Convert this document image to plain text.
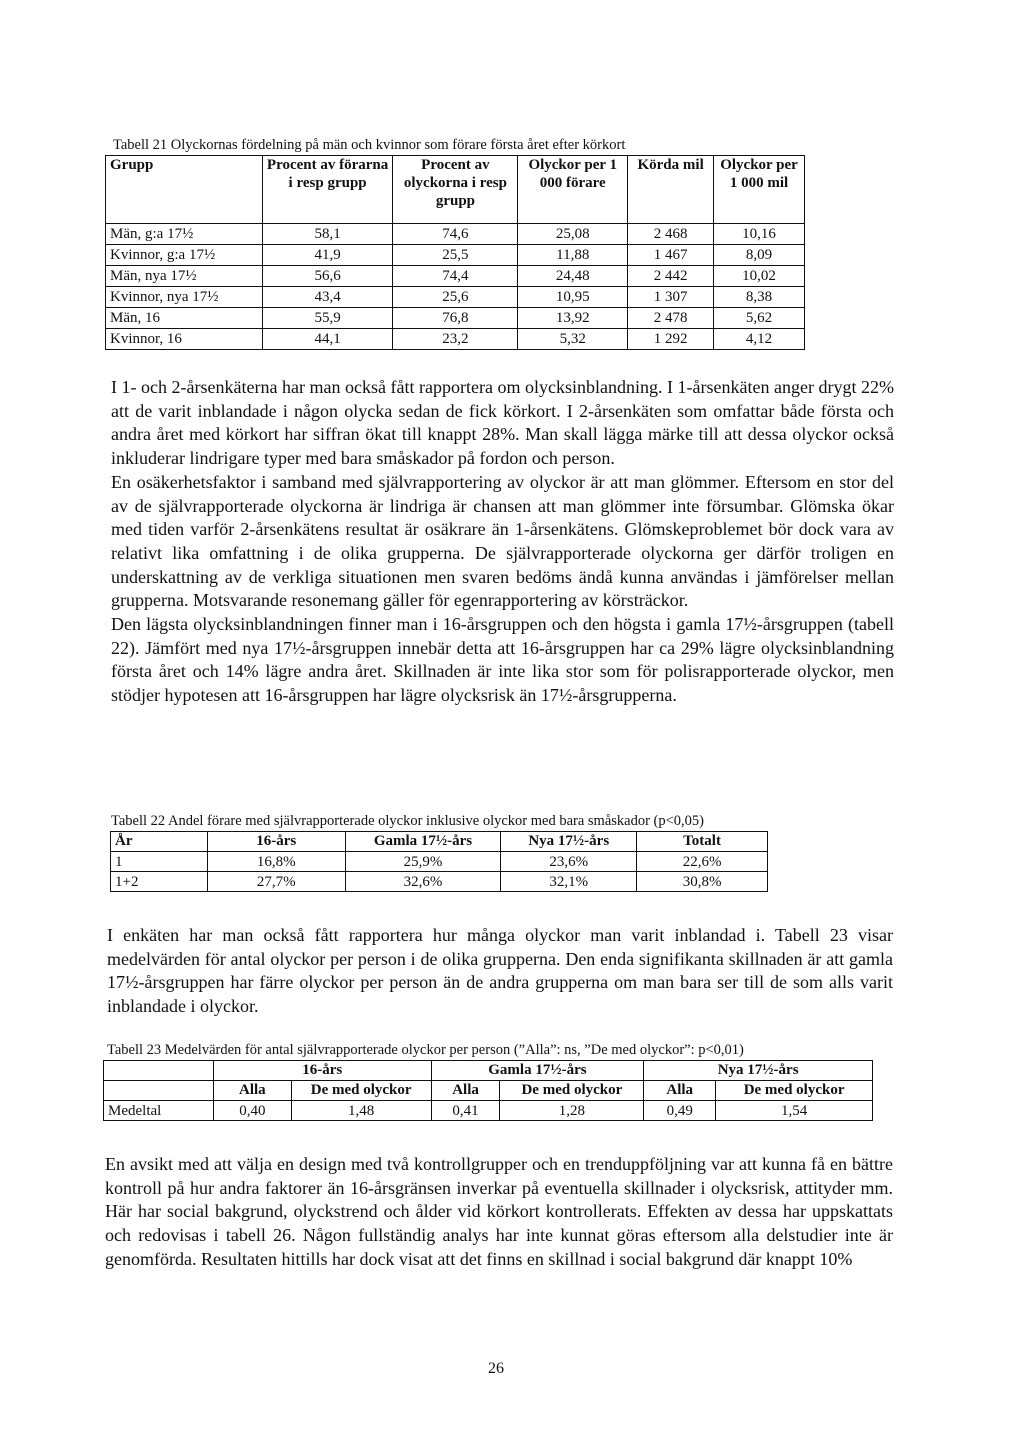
Tabell 21 Olyckornas fördelning på män och kvinnor som förare första året efter körkort
Grupp	Procent av förarna i resp grupp	Procent av olyckorna i resp grupp	Olyckor per 1 000 förare	Körda mil	Olyckor per 1 000 mil
Män, g:a 17½	58,1	74,6	25,08	2 468	10,16
Kvinnor, g:a 17½	41,9	25,5	11,88	1 467	8,09
Män, nya 17½	56,6	74,4	24,48	2 442	10,02
Kvinnor, nya 17½	43,4	25,6	10,95	1 307	8,38
Män, 16	55,9	76,8	13,92	2 478	5,62
Kvinnor, 16	44,1	23,2	5,32	1 292	4,12

I 1- och 2-årsenkäterna har man också fått rapportera om olycksinblandning. I 1-årsenkäten anger drygt 22% att de varit inblandade i någon olycka sedan de fick körkort. I 2-årsenkäten som omfattar både första och andra året med körkort har siffran ökat till knappt 28%. Man skall lägga märke till att dessa olyckor också inkluderar lindrigare typer med bara småskador på fordon och person.

En osäkerhetsfaktor i samband med självrapportering av olyckor är att man glömmer. Eftersom en stor del av de självrapporterade olyckorna är lindriga är chansen att man glömmer inte försumbar. Glömska ökar med tiden varför 2-årsenkätens resultat är osäkrare än 1-årsenkätens. Glömskeproblemet bör dock vara av relativt lika omfattning i de olika grupperna. De självrapporterade olyckorna ger därför troligen en underskattning av de verkliga situationen men svaren bedöms ändå kunna användas i jämförelser mellan grupperna. Motsvarande resonemang gäller för egenrapportering av körsträckor.

Den lägsta olycksinblandningen finner man i 16-årsgruppen och den högsta i gamla 17½-årsgruppen (tabell 22). Jämfört med nya 17½-årsgruppen innebär detta att 16-årsgruppen har ca 29% lägre olycksinblandning första året och 14% lägre andra året. Skillnaden är inte lika stor som för polisrapporterade olyckor, men stödjer hypotesen att 16-årsgruppen har lägre olycksrisk än 17½-årsgrupperna.

Tabell 22 Andel förare med självrapporterade olyckor inklusive olyckor med bara småskador (p<0,05)
År	16-års	Gamla 17½-års	Nya 17½-års	Totalt
1	16,8%	25,9%	23,6%	22,6%
1+2	27,7%	32,6%	32,1%	30,8%

I enkäten har man också fått rapportera hur många olyckor man varit inblandad i. Tabell 23 visar medelvärden för antal olyckor per person i de olika grupperna. Den enda signifikanta skillnaden är att gamla 17½-årsgruppen har färre olyckor per person än de andra grupperna om man bara ser till de som alls varit inblandade i olyckor.

Tabell 23 Medelvärden för antal självrapporterade olyckor per person (”Alla”: ns, ”De med olyckor”: p<0,01)
	16-års		Gamla 17½-års		Nya 17½-års	
	Alla	De med olyckor	Alla	De med olyckor	Alla	De med olyckor
Medeltal	0,40	1,48	0,41	1,28	0,49	1,54

En avsikt med att välja en design med två kontrollgrupper och en trenduppföljning var att kunna få en bättre kontroll på hur andra faktorer än 16-årsgränsen inverkar på eventuella skillnader i olycksrisk, attityder mm. Här har social bakgrund, olyckstrend och ålder vid körkort kontrollerats. Effekten av dessa har uppskattats och redovisas i tabell 26. Någon fullständig analys har inte kunnat göras eftersom alla delstudier inte är genomförda. Resultaten hittills har dock visat att det finns en skillnad i social bakgrund där knappt 10%

26
